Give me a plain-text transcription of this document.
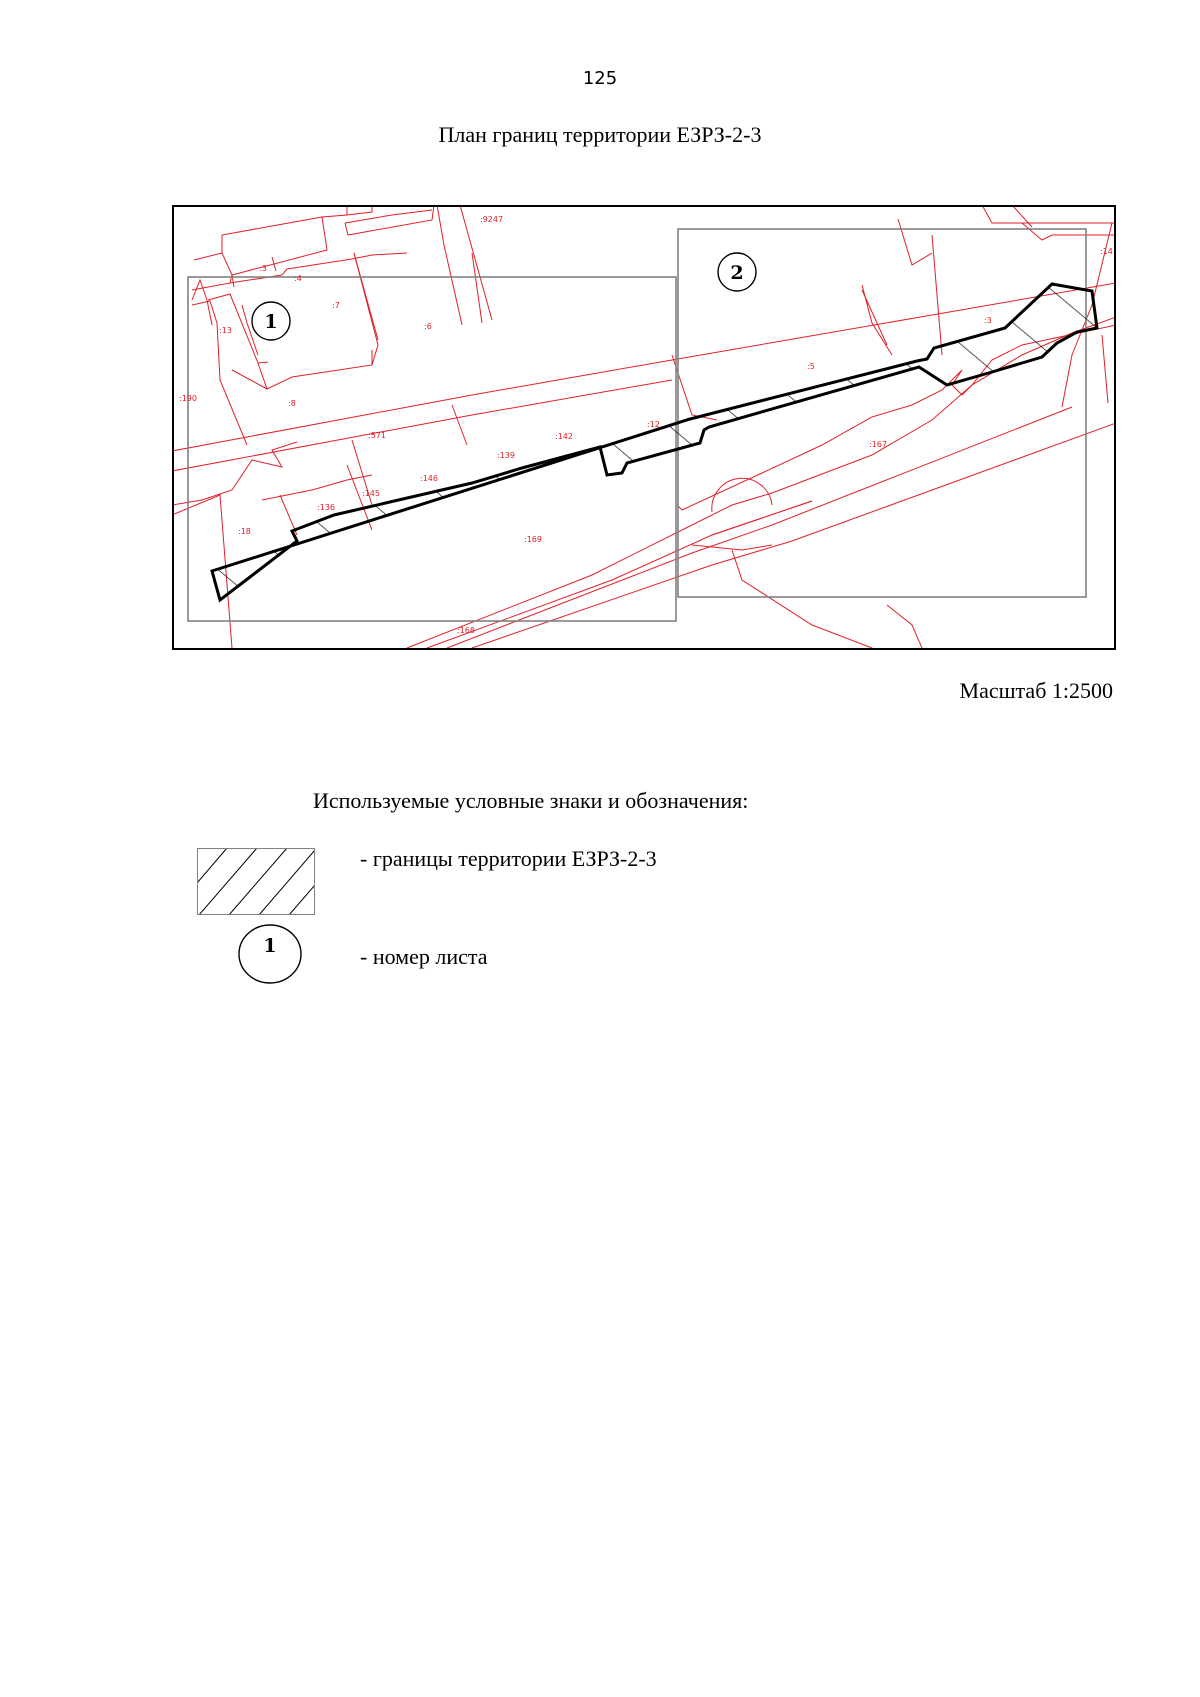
125
План границ территории ЕЗРЗ-2-3
:9247
:14
:3
:4
:7
:6
:13
:190
:8
:571	:142
:12
:139
:146
:145
:136
:18
:169
:168
:167
:5
:3
1
2
Масштаб 1:2500
Используемые условные знаки и обозначения:
- границы территории ЕЗРЗ-2-3
1	- номер листа
